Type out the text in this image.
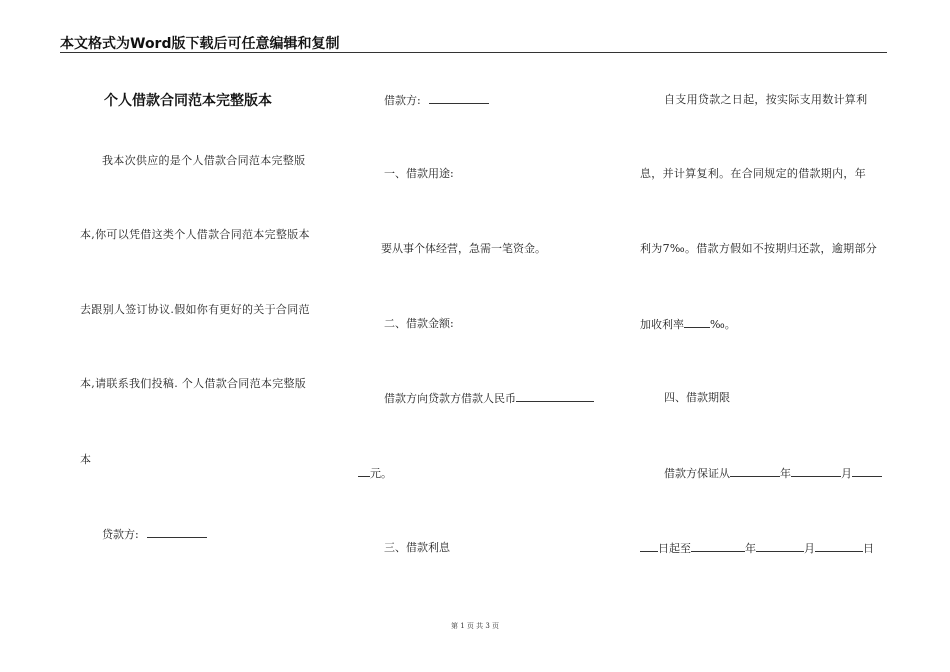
本文格式为Word版下载后可任意编辑和复制
个人借款合同范本完整版本
我本次供应的是个人借款合同范本完整版
本,你可以凭借这类个人借款合同范本完整版本
去跟别人签订协议.假如你有更好的关于合同范
本,请联系我们投稿. 个人借款合同范本完整版
本
贷款方:
借款方:
一、借款用途:
要从事个体经营，急需一笔资金。
二、借款金额:
借款方向贷款方借款人民币
元。
三、借款利息
自支用贷款之日起，按实际支用数计算利
息，并计算复利。在合同规定的借款期内，年
利为7‰。借款方假如不按期归还款，逾期部分
加收利率 ‰。
四、借款期限
借款方保证从	年	月
日起至	年	月	日
第 1 页 共 3 页
